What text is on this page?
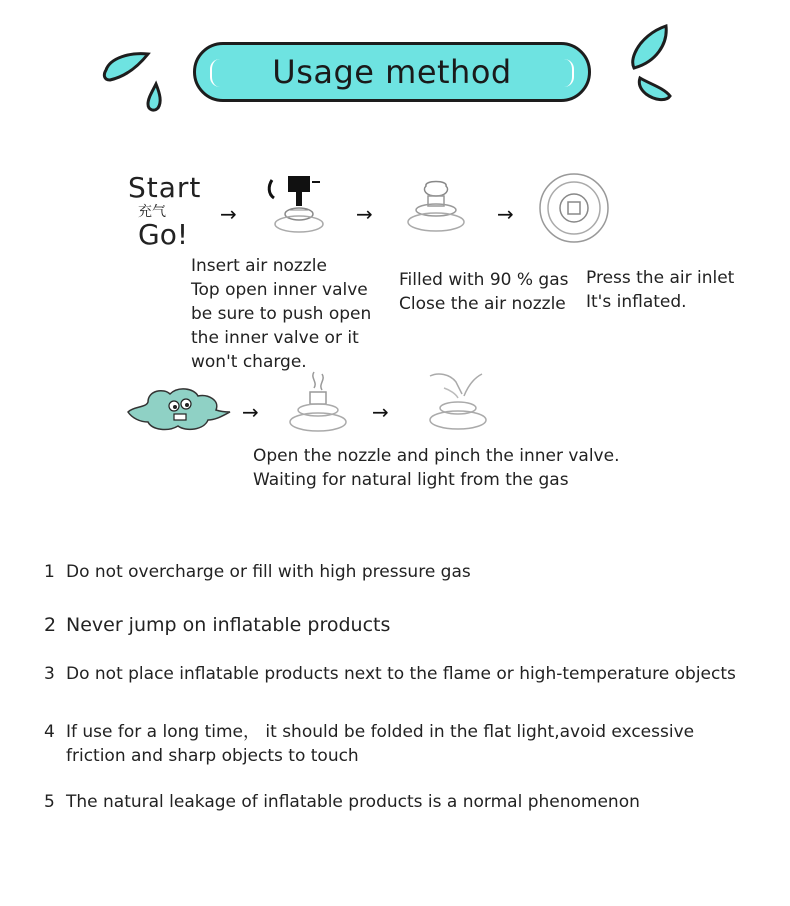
Usage method
Start
充气
Go!
→	→	→
Insert air nozzle
Top open inner valve
be sure to push open
the inner valve or it
won't charge.
Filled with 90 % gas
Close the air nozzle
Press the air inlet
It's inflated.
→	→
Open the nozzle and pinch the inner valve.
Waiting for natural light from the gas
1 Do not overcharge or fill with high pressure gas
2 Never jump on inflatable products
3 Do not place inflatable products next to the flame or high-temperature objects
4 If use for a long time， it should be folded in the flat light,avoid excessive
friction and sharp objects to touch
5 The natural leakage of inflatable products is a normal phenomenon
